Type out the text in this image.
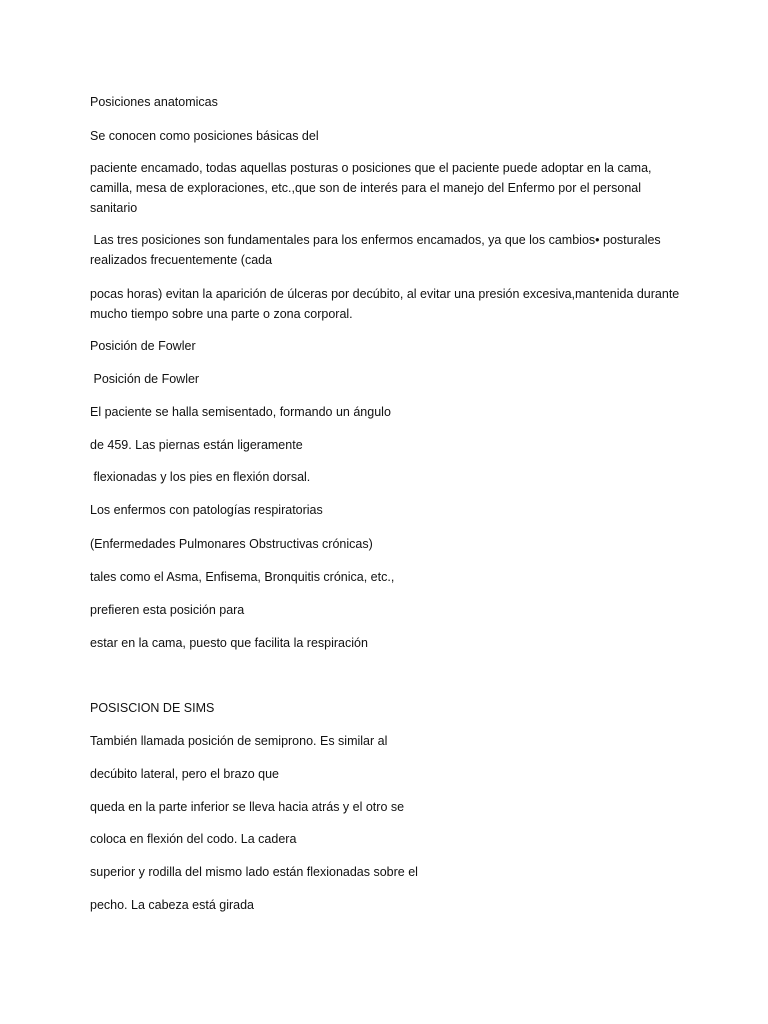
Posiciones anatomicas

Se conocen como posiciones básicas del

paciente encamado, todas aquellas posturas o posiciones que el paciente puede adoptar en la cama, camilla, mesa de exploraciones, etc.,que son de interés para el manejo del Enfermo por el personal sanitario

Las tres posiciones son fundamentales para los enfermos encamados, ya que los cambios• posturales realizados frecuentemente (cada

pocas horas) evitan la aparición de úlceras por decúbito, al evitar una presión excesiva,mantenida durante mucho tiempo sobre una parte o zona corporal.

Posición de Fowler

Posición de Fowler

El paciente se halla semisentado, formando un ángulo

de 459. Las piernas están ligeramente

flexionadas y los pies en flexión dorsal.

Los enfermos con patologías respiratorias

(Enfermedades Pulmonares Obstructivas crónicas)

tales como el Asma, Enfisema, Bronquitis crónica, etc.,

prefieren esta posición para

estar en la cama, puesto que facilita la respiración

POSISCION DE SIMS

También llamada posición de semiprono. Es similar al

decúbito lateral, pero el brazo que

queda en la parte inferior se lleva hacia atrás y el otro se

coloca en flexión del codo. La cadera

superior y rodilla del mismo lado están flexionadas sobre el

pecho. La cabeza está girada
